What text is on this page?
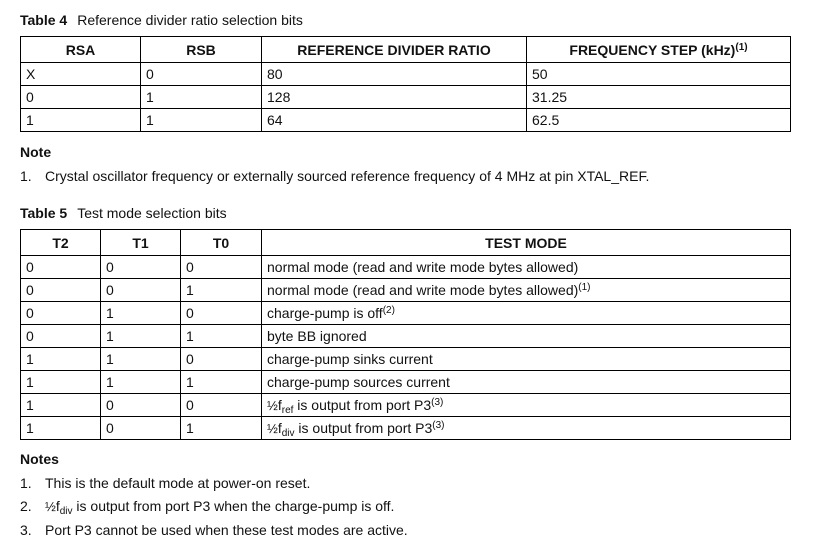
Table 4 Reference divider ratio selection bits
RSA	RSB	REFERENCE DIVIDER RATIO	FREQUENCY STEP (kHz)$^{(1)}$
X	0	80	50
0	1	128	31.25
1	1	64	62.5
Note
1. Crystal oscillator frequency or externally sourced reference frequency of 4 MHz at pin XTAL_REF.
Table 5 Test mode selection bits
T2	T1	T0	TEST MODE
0	0	0	normal mode (read and write mode bytes allowed)
0	0	1	normal mode (read and write mode bytes allowed)$^{(1)}$
0	1	0	charge-pump is off$^{(2)}$
0	1	1	byte BB ignored
1	1	0	charge-pump sinks current
1	1	1	charge-pump sources current
1	0	0	$\frac{1}{2}f_{ref}$ is output from port P3$^{(3)}$
1	0	1	$\frac{1}{2}f_{div}$ is output from port P3$^{(3)}$
Notes
1. This is the default mode at power-on reset.
2. $\frac{1}{2}f_{div}$ is output from port P3 when the charge-pump is off.
3. Port P3 cannot be used when these test modes are active.
